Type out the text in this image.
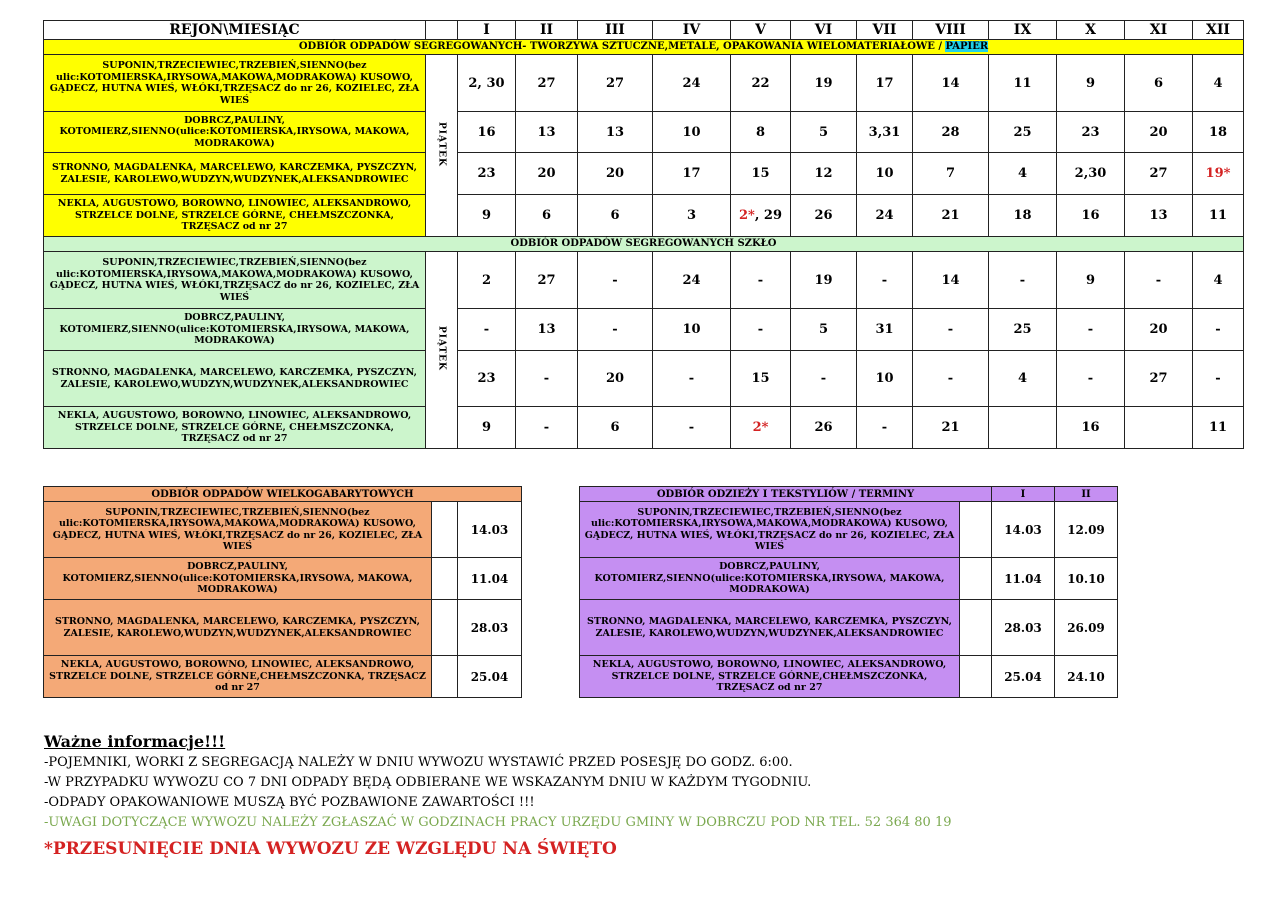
REJON\MIESIĄC		I	II	III	IV	V	VI	VII	VIII	IX	X	XI	XII
ODBIÓR ODPADÓW SEGREGOWANYCH- TWORZYWA SZTUCZNE,METALE, OPAKOWANIA WIELOMATERIAŁOWE / PAPIER													
SUPONIN,TRZECIEWIEC,TRZEBIEŃ,SIENNO(bez ulic:KOTOMIERSKA,IRYSOWA,MAKOWA,MODRAKOWA) KUSOWO, GĄDECZ, HUTNA WIEŚ, WŁÓKI,TRZĘSACZ do nr 26, KOZIELEC, ZŁA WIEŚ	PIĄTEK	2, 30	27	27	24	22	19	17	14	11	9	6	4
DOBRCZ,PAULINY, KOTOMIERZ,SIENNO(ulice:KOTOMIERSKA,IRYSOWA, MAKOWA, MODRAKOWA)		16	13	13	10	8	5	3,31	28	25	23	20	18
STRONNO, MAGDALENKA, MARCELEWO, KARCZEMKA, PYSZCZYN, ZALESIE, KAROLEWO,WUDZYN,WUDZYNEK,ALEKSANDROWIEC		23	20	20	17	15	12	10	7	4	2,30	27	19*
NEKLA, AUGUSTOWO, BOROWNO, LINOWIEC, ALEKSANDROWO, STRZELCE DOLNE, STRZELCE GÓRNE, CHEŁMSZCZONKA, TRZĘSACZ od nr 27		9	6	6	3	2*, 29	26	24	21	18	16	13	11
ODBIÓR ODPADÓW SEGREGOWANYCH SZKŁO													
SUPONIN,TRZECIEWIEC,TRZEBIEŃ,SIENNO(bez ulic:KOTOMIERSKA,IRYSOWA,MAKOWA,MODRAKOWA) KUSOWO, GĄDECZ, HUTNA WIEŚ, WŁÓKI,TRZĘSACZ do nr 26, KOZIELEC, ZŁA WIEŚ	PIĄTEK	2	27	-	24	-	19	-	14	-	9	-	4
DOBRCZ,PAULINY, KOTOMIERZ,SIENNO(ulice:KOTOMIERSKA,IRYSOWA, MAKOWA, MODRAKOWA)		-	13	-	10	-	5	31	-	25	-	20	-
STRONNO, MAGDALENKA, MARCELEWO, KARCZEMKA, PYSZCZYN, ZALESIE, KAROLEWO,WUDZYN,WUDZYNEK,ALEKSANDROWIEC		23	-	20	-	15	-	10	-	4	-	27	-
NEKLA, AUGUSTOWO, BOROWNO, LINOWIEC, ALEKSANDROWO, STRZELCE DOLNE, STRZELCE GÓRNE, CHEŁMSZCZONKA, TRZĘSACZ od nr 27		9	-	6	-	2*	26	-	21		16		11
ODBIÓR ODPADÓW WIELKOGABARYTOWYCH		
SUPONIN,TRZECIEWIEC,TRZEBIEŃ,SIENNO(bez ulic:KOTOMIERSKA,IRYSOWA,MAKOWA,MODRAKOWA) KUSOWO, GĄDECZ, HUTNA WIEŚ, WŁÓKI,TRZĘSACZ do nr 26, KOZIELEC, ZŁA WIEŚ		14.03
DOBRCZ,PAULINY, KOTOMIERZ,SIENNO(ulice:KOTOMIERSKA,IRYSOWA, MAKOWA, MODRAKOWA)		11.04
STRONNO, MAGDALENKA, MARCELEWO, KARCZEMKA, PYSZCZYN, ZALESIE, KAROLEWO,WUDZYN,WUDZYNEK,ALEKSANDROWIEC		28.03
NEKLA, AUGUSTOWO, BOROWNO, LINOWIEC, ALEKSANDROWO, STRZELCE DOLNE, STRZELCE GÓRNE,CHEŁMSZCZONKA, TRZĘSACZ od nr 27		25.04
ODBIÓR ODZIEŻY I TEKSTYLIÓW / TERMINY		I	II
SUPONIN,TRZECIEWIEC,TRZEBIEŃ,SIENNO(bez ulic:KOTOMIERSKA,IRYSOWA,MAKOWA,MODRAKOWA) KUSOWO, GĄDECZ, HUTNA WIEŚ, WŁÓKI,TRZĘSACZ do nr 26, KOZIELEC, ZŁA WIEŚ		14.03	12.09
DOBRCZ,PAULINY, KOTOMIERZ,SIENNO(ulice:KOTOMIERSKA,IRYSOWA, MAKOWA, MODRAKOWA)		11.04	10.10
STRONNO, MAGDALENKA, MARCELEWO, KARCZEMKA, PYSZCZYN, ZALESIE, KAROLEWO,WUDZYN,WUDZYNEK,ALEKSANDROWIEC		28.03	26.09
NEKLA, AUGUSTOWO, BOROWNO, LINOWIEC, ALEKSANDROWO, STRZELCE DOLNE, STRZELCE GÓRNE,CHEŁMSZCZONKA, TRZĘSACZ od nr 27		25.04	24.10
Ważne informacje!!!
-POJEMNIKI, WORKI Z SEGREGACJĄ NALEŻY W DNIU WYWOZU WYSTAWIĆ PRZED POSESJĘ DO GODZ. 6:00.
-W PRZYPADKU WYWOZU CO 7 DNI ODPADY BĘDĄ ODBIERANE WE WSKAZANYM DNIU W KAŻDYM TYGODNIU.
-ODPADY OPAKOWANIOWE MUSZĄ BYĆ POZBAWIONE ZAWARTOŚCI !!!
-UWAGI DOTYCZĄCE WYWOZU NALEŻY ZGŁASZAĆ W GODZINACH PRACY URZĘDU GMINY W DOBRCZU POD NR TEL. 52 364 80 19
*PRZESUNIĘCIE DNIA WYWOZU ZE WZGLĘDU NA ŚWIĘTO
